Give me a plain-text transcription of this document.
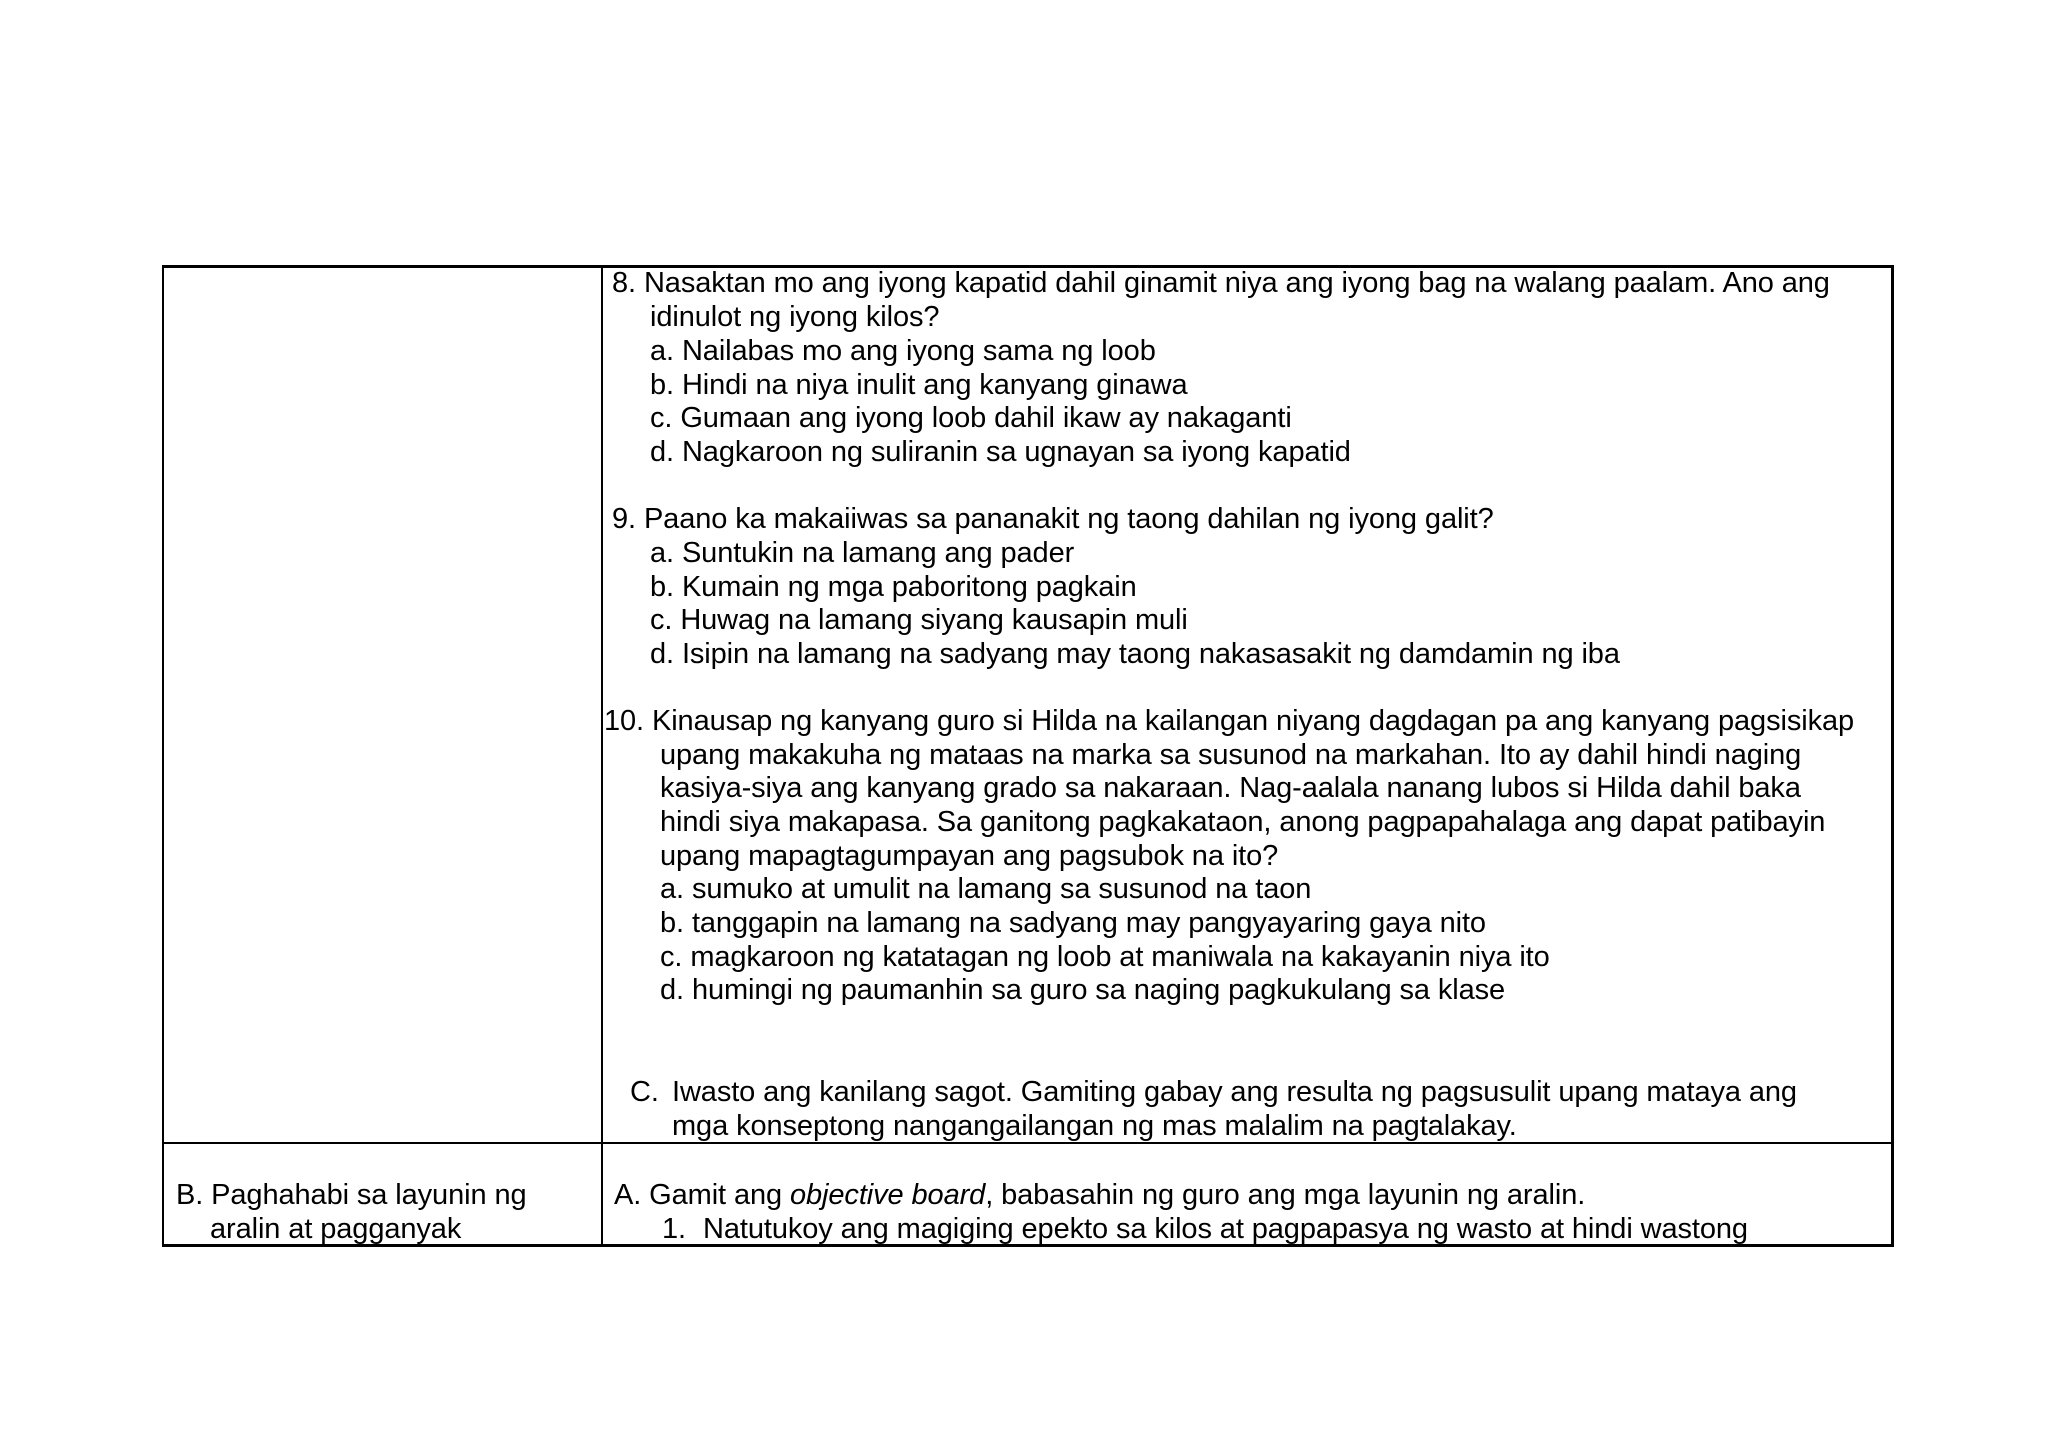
8. Nasaktan mo ang iyong kapatid dahil ginamit niya ang iyong bag na walang paalam. Ano ang
idinulot ng iyong kilos?
a. Nailabas mo ang iyong sama ng loob
b. Hindi na niya inulit ang kanyang ginawa
c. Gumaan ang iyong loob dahil ikaw ay nakaganti
d. Nagkaroon ng suliranin sa ugnayan sa iyong kapatid
9. Paano ka makaiiwas sa pananakit ng taong dahilan ng iyong galit?
a. Suntukin na lamang ang pader
b. Kumain ng mga paboritong pagkain
c. Huwag na lamang siyang kausapin muli
d. Isipin na lamang na sadyang may taong nakasasakit ng damdamin ng iba
10. Kinausap ng kanyang guro si Hilda na kailangan niyang dagdagan pa ang kanyang pagsisikap
upang makakuha ng mataas na marka sa susunod na markahan. Ito ay dahil hindi naging
kasiya-siya ang kanyang grado sa nakaraan. Nag-aalala nanang lubos si Hilda dahil baka
hindi siya makapasa. Sa ganitong pagkakataon, anong pagpapahalaga ang dapat patibayin
upang mapagtagumpayan ang pagsubok na ito?
a. sumuko at umulit na lamang sa susunod na taon
b. tanggapin na lamang na sadyang may pangyayaring gaya nito
c. magkaroon ng katatagan ng loob at maniwala na kakayanin niya ito
d. humingi ng paumanhin sa guro sa naging pagkukulang sa klase
C. Iwasto ang kanilang sagot. Gamiting gabay ang resulta ng pagsusulit upang mataya ang
mga konseptong nangangailangan ng mas malalim na pagtalakay.
B. Paghahabi sa layunin ng
aralin at pagganyak
A. Gamit ang objective board, babasahin ng guro ang mga layunin ng aralin.
1. Natutukoy ang magiging epekto sa kilos at pagpapasya ng wasto at hindi wastong
